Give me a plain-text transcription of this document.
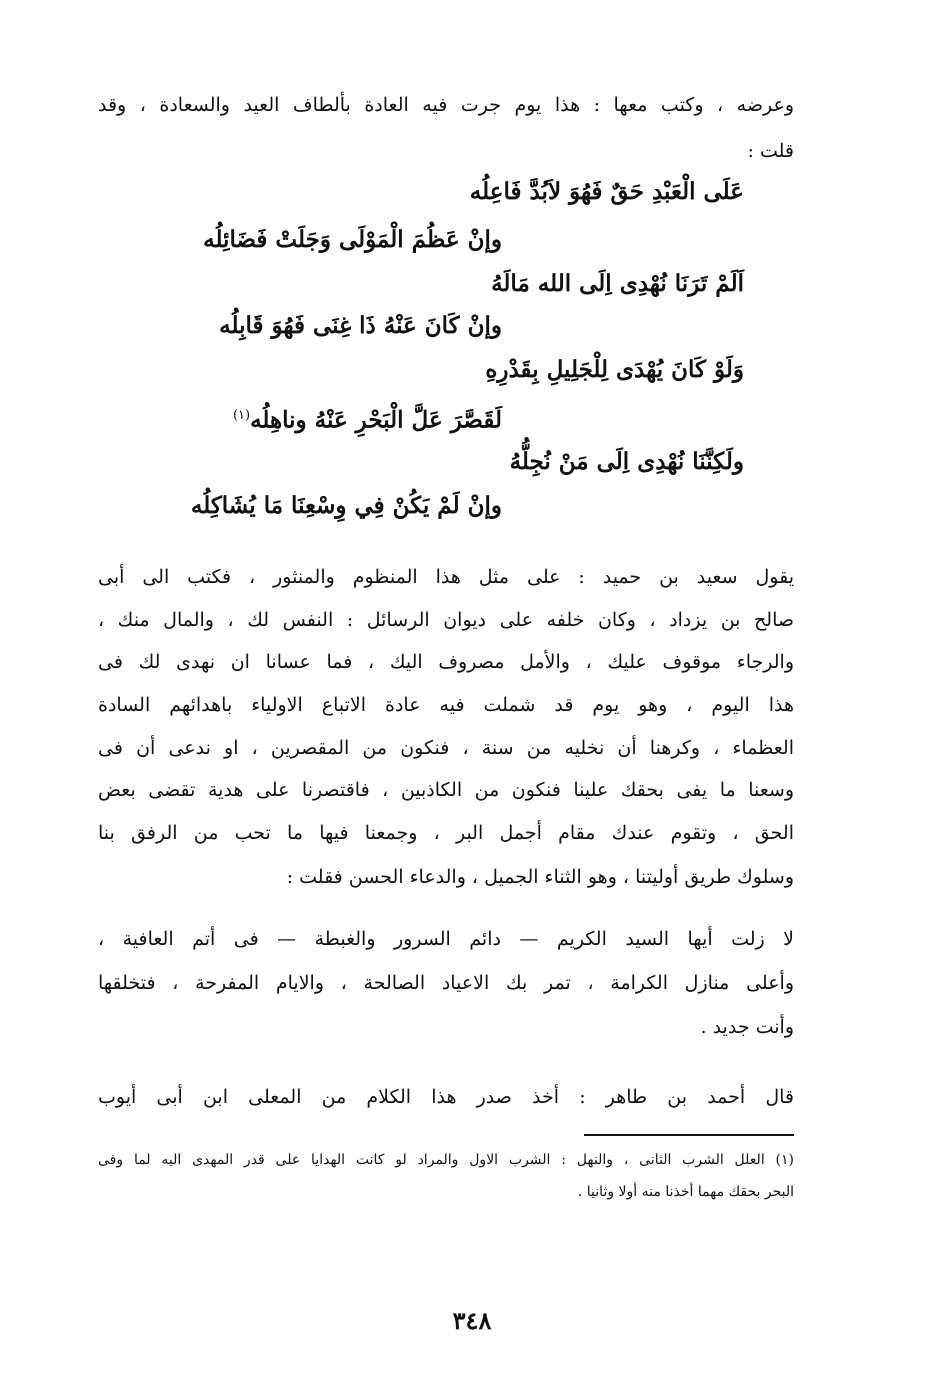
وعرضه ، وكتب معها : هذا يوم جرت فيه العادة بألطاف العيد والسعادة ، وقد
قلت :
عَلَى الْعَبْدِ حَقٌ فَهُوَ لاَبُدَّ فَاعِلُه
وإنْ عَظُمَ الْمَوْلَى وَجَلَتْ فَضَائِلُه
اَلَمْ تَرَنَا نُهْدِى اِلَى الله مَالَهُ
وإنْ كَانَ عَنْهُ ذَا غِنَى فَهُوَ قَابِلُه
وَلَوْ كَانَ يُهْدَى لِلْجَلِيلِ بِقَدْرِهِ
لَقَصَّرَ عَلَّ الْبَحْرِ عَنْهُ وناهِلُه$^{(١)}$
ولَكِنَّنَا نُهْدِى اِلَى مَنْ نُجِلُّهُ
وإنْ لَمْ يَكُنْ فِي وِسْعِنَا مَا يُشَاكِلُه
يقول سعيد بن حميد : على مثل هذا المنظوم والمنثور ، فكتب الى أبى
صالح بن يزداد ، وكان خلفه على ديوان الرسائل : النفس لك ، والمال منك ،
والرجاء موقوف عليك ، والأمل مصروف اليك ، فما عسانا ان نهدى لك فى
هذا اليوم ، وهو يوم قد شملت فيه عادة الاتباع الاولياء باهدائهم السادة
العظماء ، وكرهنا أن نخليه من سنة ، فنكون من المقصرين ، او ندعى أن فى
وسعنا ما يفى بحقك علينا فنكون من الكاذبين ، فاقتصرنا على هدية تقضى بعض
الحق ، وتقوم عندك مقام أجمل البر ، وجمعنا فيها ما تحب من الرفق بنا
وسلوك طريق أوليتنا ، وهو الثناء الجميل ، والدعاء الحسن فقلت :
لا زلت أيها السيد الكريم — دائم السرور والغبطة — فى أتم العافية ،
وأعلى منازل الكرامة ، تمر بك الاعياد الصالحة ، والايام المفرحة ، فتخلقها
وأنت جديد .
قال أحمد بن طاهر : أخذ صدر هذا الكلام من المعلى ابن أبى أيوب
(١) العلل الشرب الثانى ، والنهل : الشرب الاول والمراد لو كانت الهدايا على قدر المهدى اليه لما وفى
البحر بحقك مهما أخذنا منه أولا وثانيا .
٣٤٨
